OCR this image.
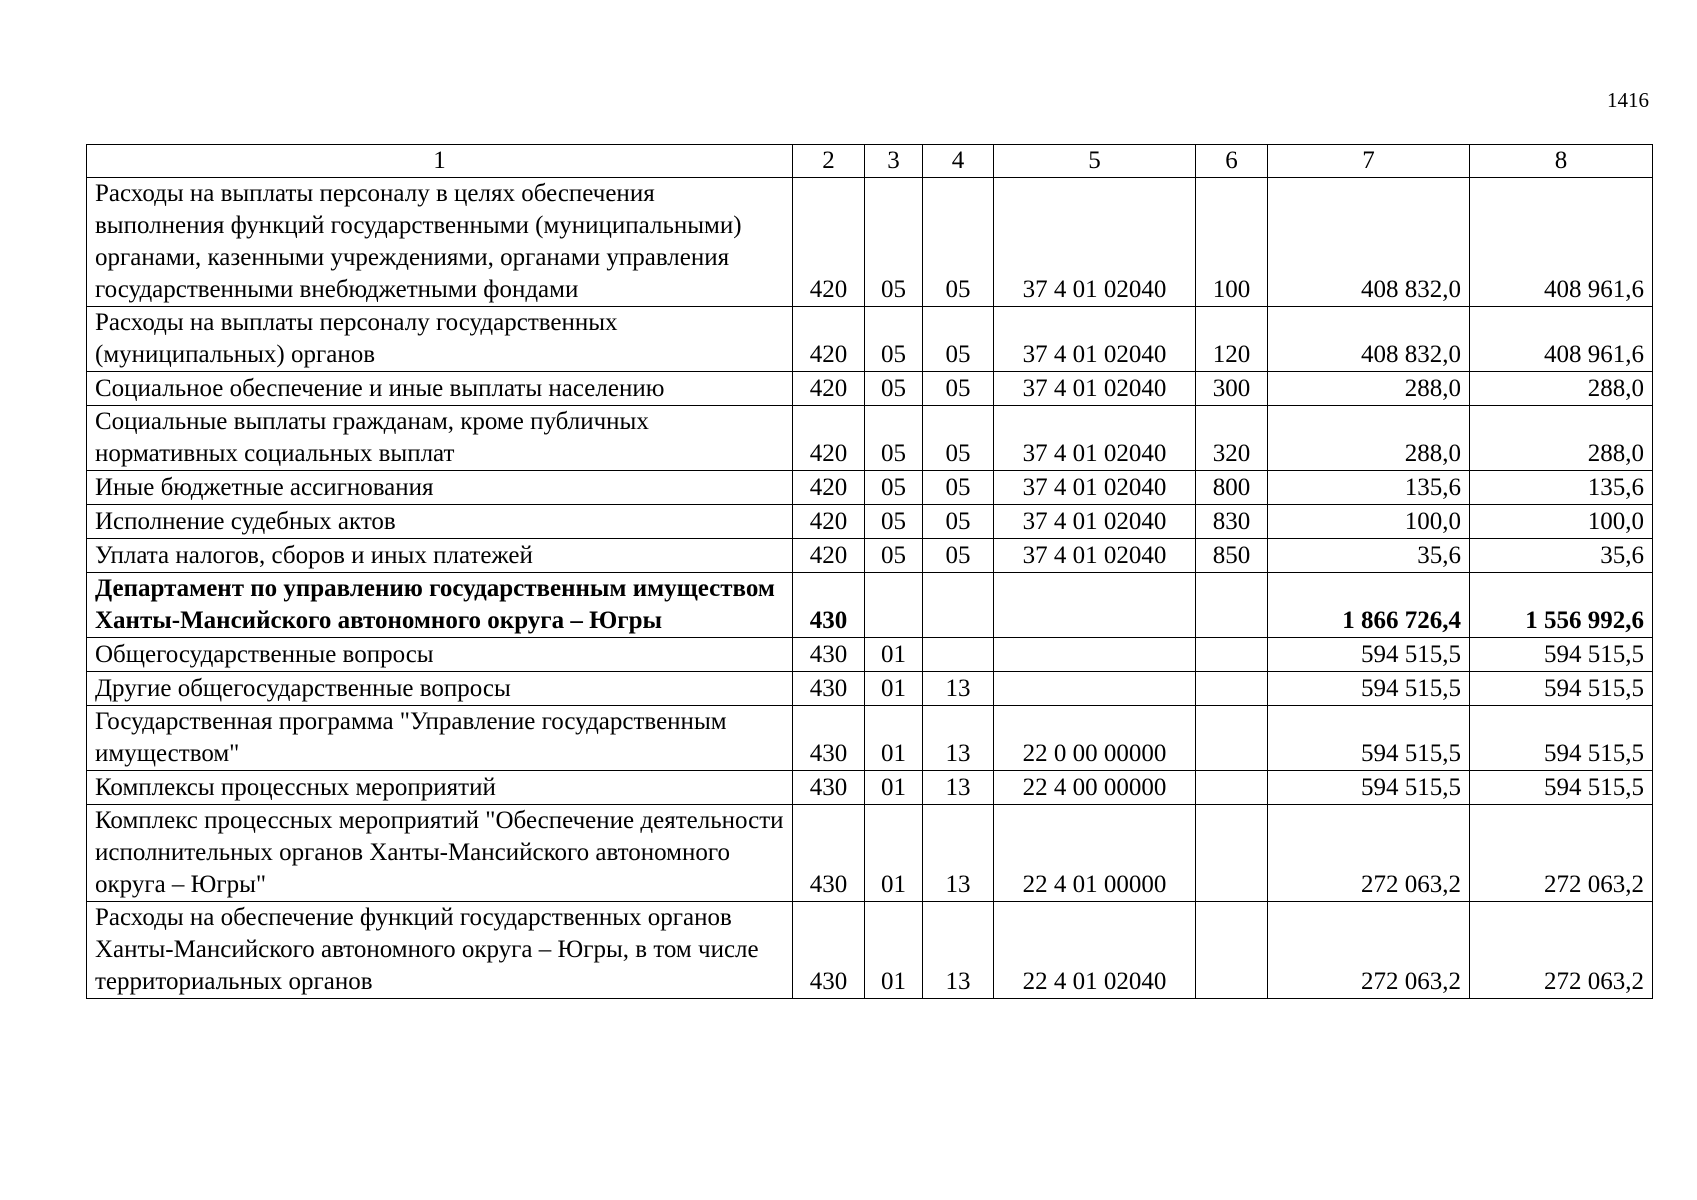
1416
1	2	3	4	5	6	7	8
Расходы на выплаты персоналу в целях обеспечения выполнения функций государственными (муниципальными) органами, казенными учреждениями, органами управления государственными внебюджетными фондами	420	05	05	37 4 01 02040	100	408 832,0	408 961,6
Расходы на выплаты персоналу государственных (муниципальных) органов	420	05	05	37 4 01 02040	120	408 832,0	408 961,6
Социальное обеспечение и иные выплаты населению	420	05	05	37 4 01 02040	300	288,0	288,0
Социальные выплаты гражданам, кроме публичных нормативных социальных выплат	420	05	05	37 4 01 02040	320	288,0	288,0
Иные бюджетные ассигнования	420	05	05	37 4 01 02040	800	135,6	135,6
Исполнение судебных актов	420	05	05	37 4 01 02040	830	100,0	100,0
Уплата налогов, сборов и иных платежей	420	05	05	37 4 01 02040	850	35,6	35,6
Департамент по управлению государственным имуществом Ханты-Мансийского автономного округа – Югры	430					1 866 726,4	1 556 992,6
Общегосударственные вопросы	430	01				594 515,5	594 515,5
Другие общегосударственные вопросы	430	01	13			594 515,5	594 515,5
Государственная программа "Управление государственным имуществом"	430	01	13	22 0 00 00000		594 515,5	594 515,5
Комплексы процессных мероприятий	430	01	13	22 4 00 00000		594 515,5	594 515,5
Комплекс процессных мероприятий "Обеспечение деятельности исполнительных органов Ханты-Мансийского автономного округа – Югры"	430	01	13	22 4 01 00000		272 063,2	272 063,2
Расходы на обеспечение функций государственных органов Ханты-Мансийского автономного округа – Югры, в том числе территориальных органов	430	01	13	22 4 01 02040		272 063,2	272 063,2
